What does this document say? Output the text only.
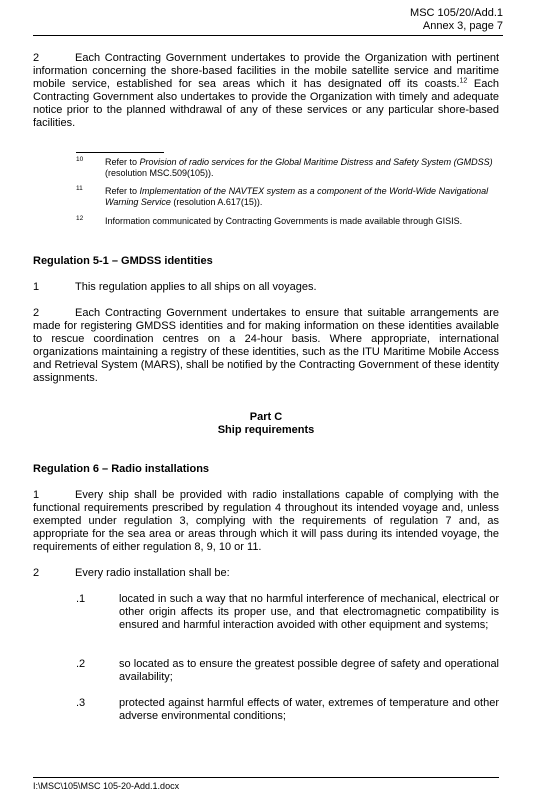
MSC 105/20/Add.1
Annex 3, page 7

2	Each Contracting Government undertakes to provide the Organization with pertinent information concerning the shore-based facilities in the mobile satellite service and maritime mobile service, established for sea areas which it has designated off its coasts.$^{12}$ Each Contracting Government also undertakes to provide the Organization with timely and adequate notice prior to the planned withdrawal of any of these services or any particular shore-based facilities.

10 Refer to Provision of radio services for the Global Maritime Distress and Safety System (GMDSS) (resolution MSC.509(105)).
11 Refer to Implementation of the NAVTEX system as a component of the World-Wide Navigational Warning Service (resolution A.617(15)).
12 Information communicated by Contracting Governments is made available through GISIS.
Regulation 5-1 – GMDSS identities

1	This regulation applies to all ships on all voyages.

2	Each Contracting Government undertakes to ensure that suitable arrangements are made for registering GMDSS identities and for making information on these identities available to rescue coordination centres on a 24-hour basis. Where appropriate, international organizations maintaining a registry of these identities, such as the ITU Maritime Mobile Access and Retrieval System (MARS), shall be notified by the Contracting Government of these identity assignments.

Part C
Ship requirements
Regulation 6 – Radio installations

1	Every ship shall be provided with radio installations capable of complying with the functional requirements prescribed by regulation 4 throughout its intended voyage and, unless exempted under regulation 3, complying with the requirements of regulation 7 and, as appropriate for the sea area or areas through which it will pass during its intended voyage, the requirements of either regulation 8, 9, 10 or 11.

2	Every radio installation shall be:

.1	located in such a way that no harmful interference of mechanical, electrical or other origin affects its proper use, and that electromagnetic compatibility is ensured and harmful interaction avoided with other equipment and systems;
.2	so located as to ensure the greatest possible degree of safety and operational availability;
.3	protected against harmful effects of water, extremes of temperature and other adverse environmental conditions;
I:\MSC\105\MSC 105-20-Add.1.docx
